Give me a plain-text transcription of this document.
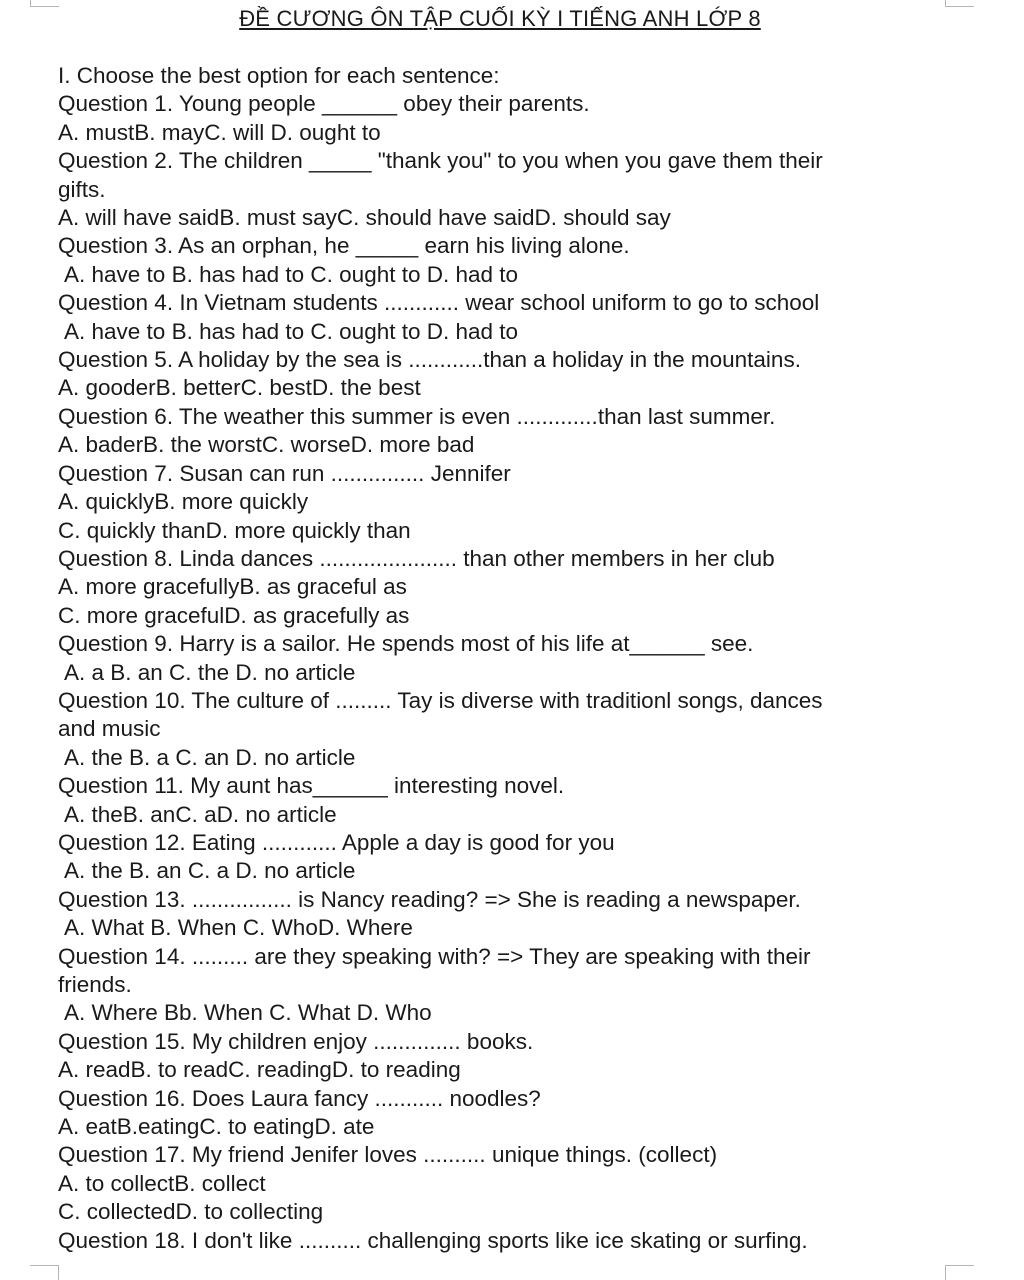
ĐỀ CƯƠNG ÔN TẬP CUỐI KỲ I TIẾNG ANH LỚP 8
I. Choose the best option for each sentence:
Question 1. Young people ______ obey their parents.
A. mustB. mayC. will D. ought to
Question 2. The children _____ "thank you" to you when you gave them their
gifts.
A. will have saidB. must sayC. should have saidD. should say
Question 3. As an orphan, he _____ earn his living alone.
A. have to B. has had to C. ought to D. had to
Question 4. In Vietnam students ............ wear school uniform to go to school
A. have to B. has had to C. ought to D. had to
Question 5. A holiday by the sea is ............than a holiday in the mountains.
A. gooderB. betterC. bestD. the best
Question 6. The weather this summer is even .............than last summer.
A. baderB. the worstC. worseD. more bad
Question 7. Susan can run ............... Jennifer
A. quicklyB. more quickly
C. quickly thanD. more quickly than
Question 8. Linda dances ...................... than other members in her club
A. more gracefullyB. as graceful as
C. more gracefulD. as gracefully as
Question 9. Harry is a sailor. He spends most of his life at______ see.
A. a B. an C. the D. no article
Question 10. The culture of ......... Tay is diverse with traditionl songs, dances
and music
A. the B. a C. an D. no article
Question 11. My aunt has______ interesting novel.
A. theB. anC. aD. no article
Question 12. Eating ............ Apple a day is good for you
A. the B. an C. a D. no article
Question 13. ................ is Nancy reading? => She is reading a newspaper.
A. What B. When C. WhoD. Where
Question 14. ......... are they speaking with? => They are speaking with their
friends.
A. Where Bb. When C. What D. Who
Question 15. My children enjoy .............. books.
A. readB. to readC. readingD. to reading
Question 16. Does Laura fancy ........... noodles?
A. eatB.eatingC. to eatingD. ate
Question 17. My friend Jenifer loves .......... unique things. (collect)
A. to collectB. collect
C. collectedD. to collecting
Question 18. I don't like .......... challenging sports like ice skating or surfing.
